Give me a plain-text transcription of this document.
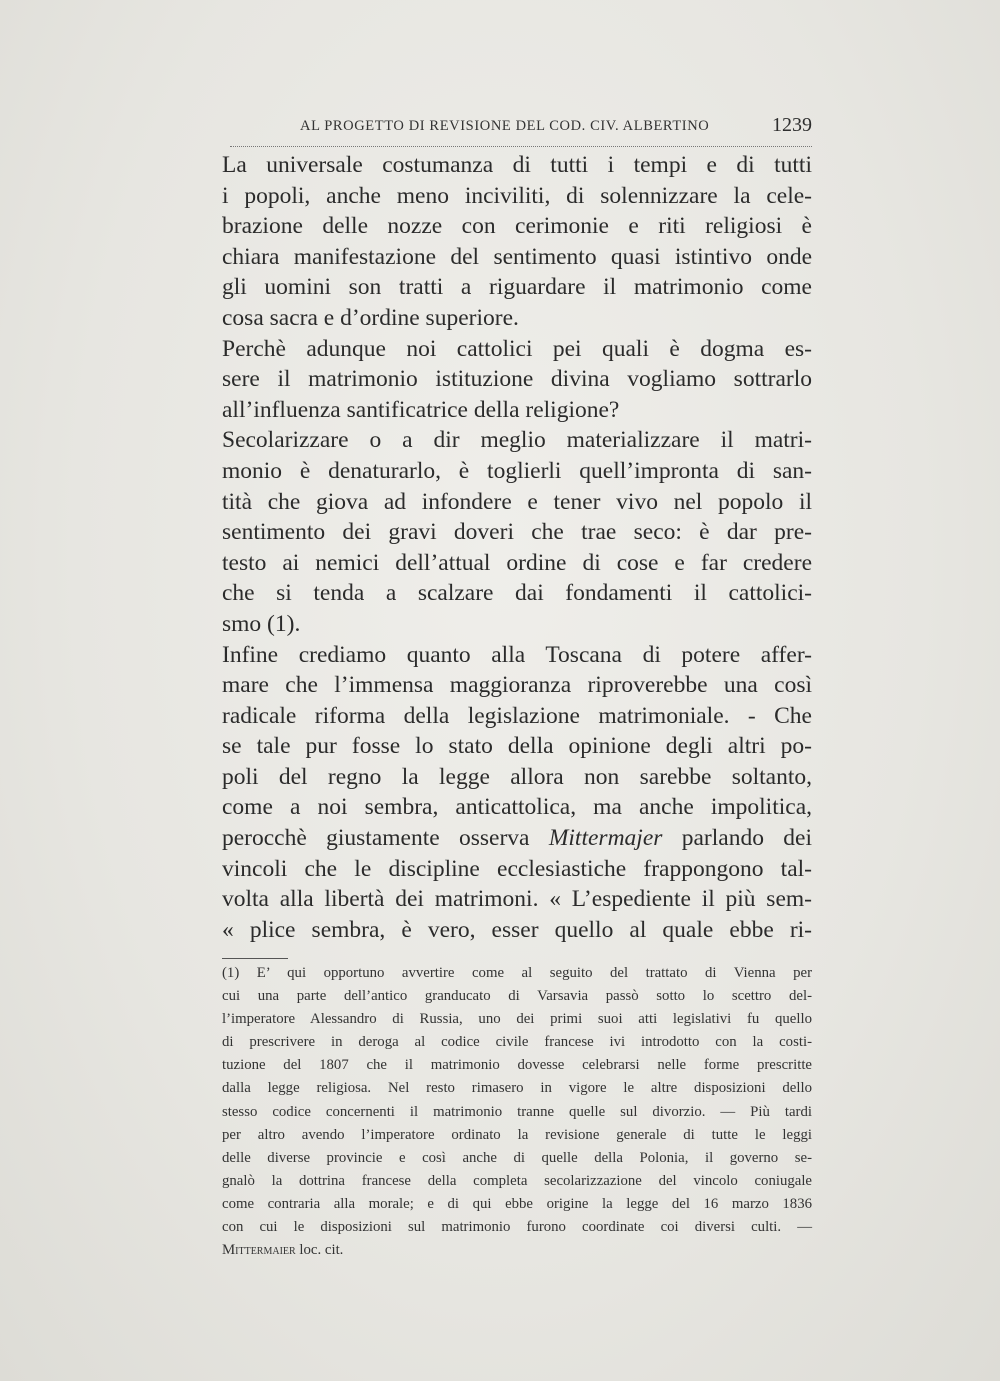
AL PROGETTO DI REVISIONE DEL COD. CIV. ALBERTINO	1239
La universale costumanza di tutti i tempi e di tutti
i popoli, anche meno inciviliti, di solennizzare la cele-
brazione delle nozze con cerimonie e riti religiosi è
chiara manifestazione del sentimento quasi istintivo onde
gli uomini son tratti a riguardare il matrimonio come
cosa sacra e d’ordine superiore.
Perchè adunque noi cattolici pei quali è dogma es-
sere il matrimonio istituzione divina vogliamo sottrarlo
all’influenza santificatrice della religione?
Secolarizzare o a dir meglio materializzare il matri-
monio è denaturarlo, è toglierli quell’impronta di san-
tità che giova ad infondere e tener vivo nel popolo il
sentimento dei gravi doveri che trae seco: è dar pre-
testo ai nemici dell’attual ordine di cose e far credere
che si tenda a scalzare dai fondamenti il cattolici-
smo (1).
Infine crediamo quanto alla Toscana di potere affer-
mare che l’immensa maggioranza riproverebbe una così
radicale riforma della legislazione matrimoniale. - Che
se tale pur fosse lo stato della opinione degli altri po-
poli del regno la legge allora non sarebbe soltanto,
come a noi sembra, anticattolica, ma anche impolitica,
perocchè giustamente osserva Mittermajer parlando dei
vincoli che le discipline ecclesiastiche frappongono tal-
volta alla libertà dei matrimoni. « L’espediente il più sem-
« plice sembra, è vero, esser quello al quale ebbe ri-
(1) E’ qui opportuno avvertire come al seguito del trattato di Vienna per
cui una parte dell’antico granducato di Varsavia passò sotto lo scettro del-
l’imperatore Alessandro di Russia, uno dei primi suoi atti legislativi fu quello
di prescrivere in deroga al codice civile francese ivi introdotto con la costi-
tuzione del 1807 che il matrimonio dovesse celebrarsi nelle forme prescritte
dalla legge religiosa. Nel resto rimasero in vigore le altre disposizioni dello
stesso codice concernenti il matrimonio tranne quelle sul divorzio. — Più tardi
per altro avendo l’imperatore ordinato la revisione generale di tutte le leggi
delle diverse provincie e così anche di quelle della Polonia, il governo se-
gnalò la dottrina francese della completa secolarizzazione del vincolo coniugale
come contraria alla morale; e di qui ebbe origine la legge del 16 marzo 1836
con cui le disposizioni sul matrimonio furono coordinate coi diversi culti. —
Mittermaier loc. cit.
